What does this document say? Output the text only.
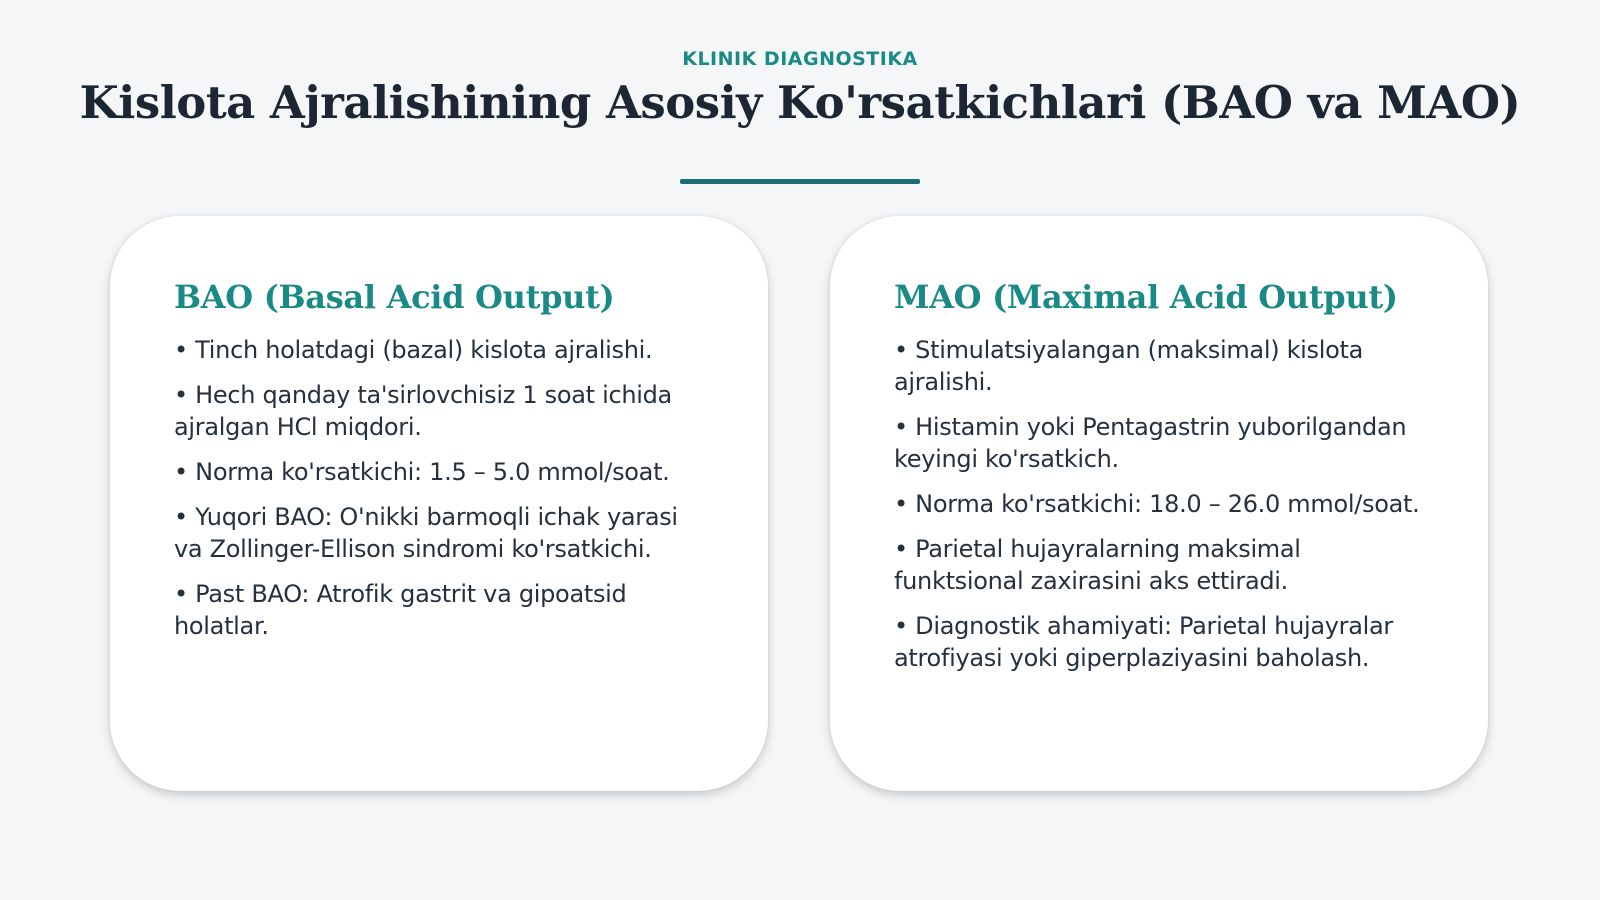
KLINIK DIAGNOSTIKA
Kislota Ajralishining Asosiy Ko'rsatkichlari (BAO va MAO)
BAO (Basal Acid Output)
• Tinch holatdagi (bazal) kislota ajralishi.
• Hech qanday ta'sirlovchisiz 1 soat ichida ajralgan HCl miqdori.
• Norma ko'rsatkichi: 1.5 – 5.0 mmol/soat.
• Yuqori BAO: O'nikki barmoqli ichak yarasi va Zollinger-Ellison sindromi ko'rsatkichi.
• Past BAO: Atrofik gastrit va gipoatsid holatlar.
MAO (Maximal Acid Output)
• Stimulatsiyalangan (maksimal) kislota ajralishi.
• Histamin yoki Pentagastrin yuborilgandan keyingi ko'rsatkich.
• Norma ko'rsatkichi: 18.0 – 26.0 mmol/soat.
• Parietal hujayralarning maksimal funktsional zaxirasini aks ettiradi.
• Diagnostik ahamiyati: Parietal hujayralar atrofiyasi yoki giperplaziyasini baholash.
